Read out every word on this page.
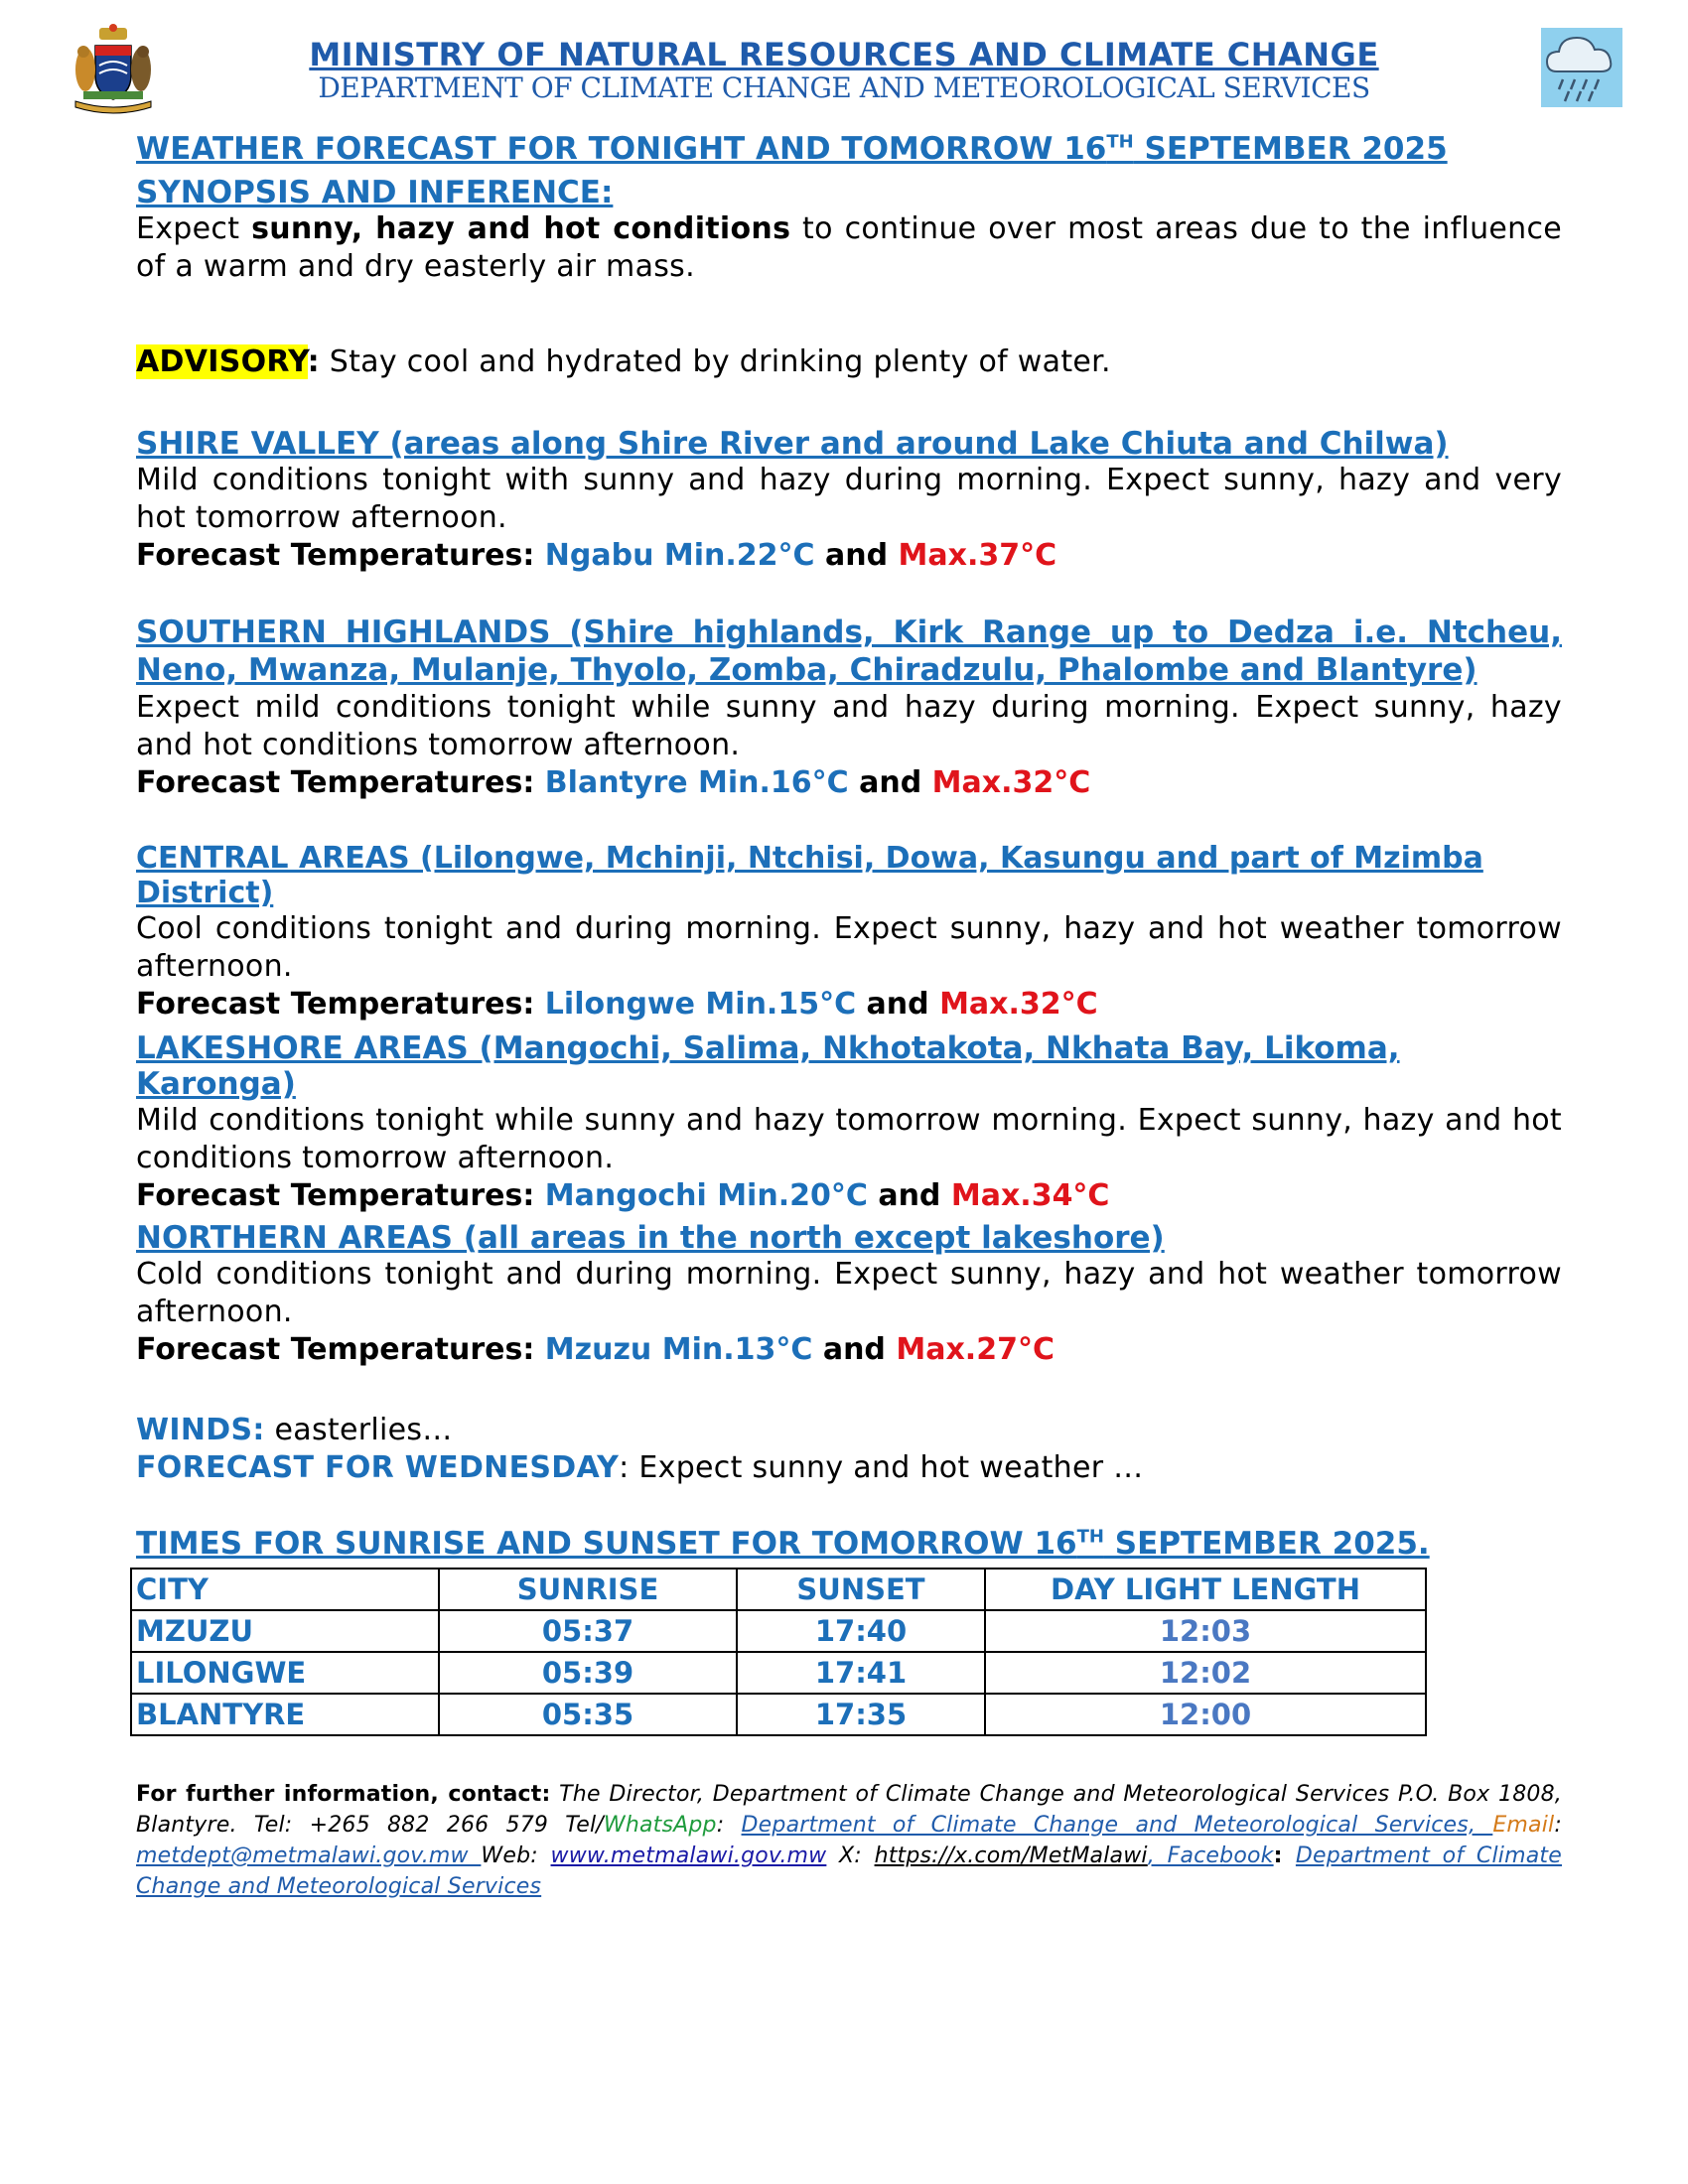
MINISTRY OF NATURAL RESOURCES AND CLIMATE CHANGE
DEPARTMENT OF CLIMATE CHANGE AND METEOROLOGICAL SERVICES
WEATHER FORECAST FOR TONIGHT AND TOMORROW 16TH SEPTEMBER 2025
SYNOPSIS AND INFERENCE:
Expect sunny, hazy and hot conditions to continue over most areas due to the influence of a warm and dry easterly air mass.
ADVISORY: Stay cool and hydrated by drinking plenty of water.
SHIRE VALLEY (areas along Shire River and around Lake Chiuta and Chilwa)
Mild conditions tonight with sunny and hazy during morning. Expect sunny, hazy and very hot tomorrow afternoon.
Forecast Temperatures: Ngabu Min.22°C and Max.37°C
SOUTHERN HIGHLANDS (Shire highlands, Kirk Range up to Dedza i.e. Ntcheu, Neno, Mwanza, Mulanje, Thyolo, Zomba, Chiradzulu, Phalombe and Blantyre)
Expect mild conditions tonight while sunny and hazy during morning. Expect sunny, hazy and hot conditions tomorrow afternoon.
Forecast Temperatures: Blantyre Min.16°C and Max.32°C
CENTRAL AREAS (Lilongwe, Mchinji, Ntchisi, Dowa, Kasungu and part of Mzimba District)
Cool conditions tonight and during morning. Expect sunny, hazy and hot weather tomorrow afternoon.
Forecast Temperatures: Lilongwe Min.15°C and Max.32°C
LAKESHORE AREAS (Mangochi, Salima, Nkhotakota, Nkhata Bay, Likoma, Karonga)
Mild conditions tonight while sunny and hazy tomorrow morning. Expect sunny, hazy and hot conditions tomorrow afternoon.
Forecast Temperatures: Mangochi Min.20°C and Max.34°C
NORTHERN AREAS (all areas in the north except lakeshore)
Cold conditions tonight and during morning. Expect sunny, hazy and hot weather tomorrow afternoon.
Forecast Temperatures: Mzuzu Min.13°C and Max.27°C
WINDS: easterlies…
FORECAST FOR WEDNESDAY: Expect sunny and hot weather …
TIMES FOR SUNRISE AND SUNSET FOR TOMORROW 16TH SEPTEMBER 2025.
CITY	SUNRISE	SUNSET	DAY LIGHT LENGTH
MZUZU	05:37	17:40	12:03
LILONGWE	05:39	17:41	12:02
BLANTYRE	05:35	17:35	12:00
For further information, contact: The Director, Department of Climate Change and Meteorological Services P.O. Box 1808, Blantyre. Tel: +265 882 266 579 Tel/WhatsApp: Department of Climate Change and Meteorological Services, Email: metdept@metmalawi.gov.mw Web: www.metmalawi.gov.mw X: https://x.com/MetMalawi, Facebook: Department of Climate Change and Meteorological Services
